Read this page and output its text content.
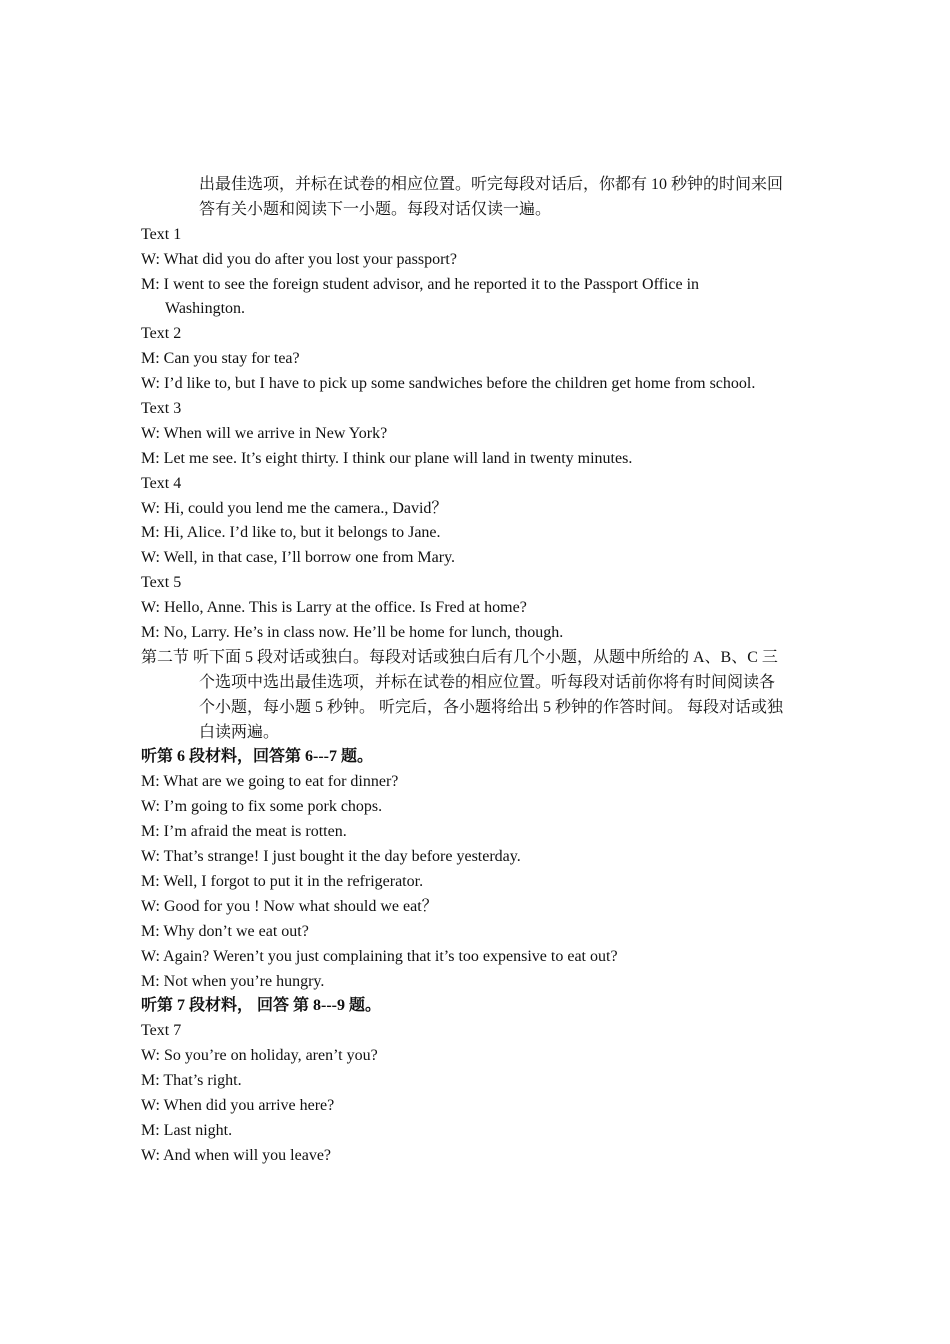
出最佳选项，并标在试卷的相应位置。听完每段对话后，你都有 10 秒钟的时间来回
答有关小题和阅读下一小题。每段对话仅读一遍。
Text 1
W: What did you do after you lost your passport?
M: I went to see the foreign student advisor, and he reported it to the Passport Office in
Washington.
Text 2
M: Can you stay for tea?
W: I’d like to, but I have to pick up some sandwiches before the children get home from school.
Text 3
W: When will we arrive in New York?
M: Let me see. It’s eight thirty. I think our plane will land in twenty minutes.
Text 4
W: Hi, could you lend me the camera., David？
M: Hi, Alice. I’d like to, but it belongs to Jane.
W: Well, in that case, I’ll borrow one from Mary.
Text 5
W: Hello, Anne. This is Larry at the office. Is Fred at home?
M: No, Larry. He’s in class now. He’ll be home for lunch, though.
第二节 听下面 5 段对话或独白。每段对话或独白后有几个小题，从题中所给的 A、B、C 三
个选项中选出最佳选项，并标在试卷的相应位置。听每段对话前你将有时间阅读各
个小题，每小题 5 秒钟。 听完后，各小题将给出 5 秒钟的作答时间。 每段对话或独
白读两遍。
听第 6 段材料，回答第 6---7 题。
M: What are we going to eat for dinner?
W: I’m going to fix some pork chops.
M: I’m afraid the meat is rotten.
W: That’s strange! I just bought it the day before yesterday.
M: Well, I forgot to put it in the refrigerator.
W: Good for you ! Now what should we eat？
M: Why don’t we eat out?
W: Again? Weren’t you just complaining that it’s too expensive to eat out?
M: Not when you’re hungry.
听第 7 段材料， 回答 第 8---9 题。
Text 7
W: So you’re on holiday, aren’t you?
M: That’s right.
W: When did you arrive here?
M: Last night.
W: And when will you leave?
